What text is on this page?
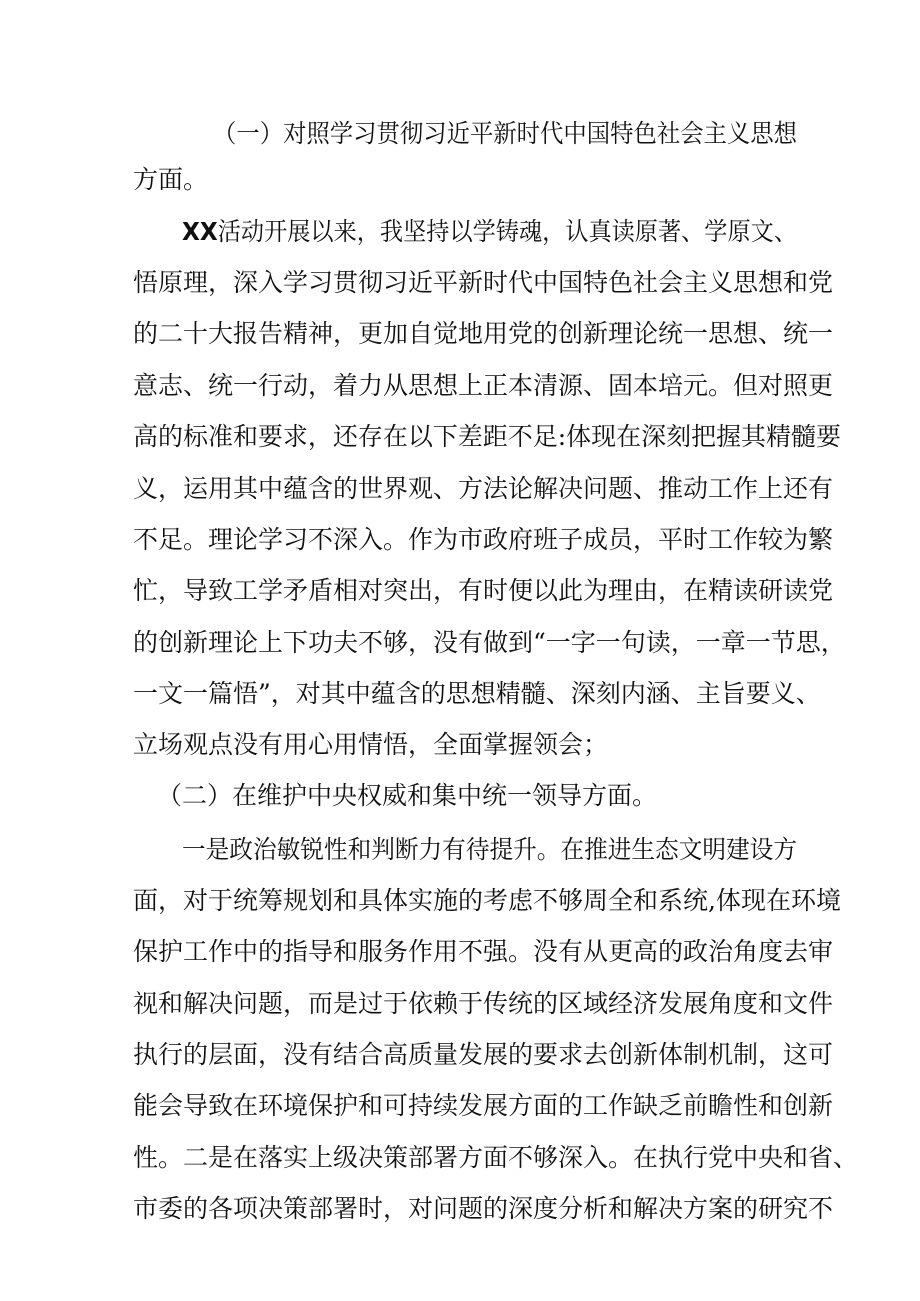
（一）对照学习贯彻习近平新时代中国特色社会主义思想
方面。
XX活动开展以来，我坚持以学铸魂，认真读原著、学原文、
悟原理，深入学习贯彻习近平新时代中国特色社会主义思想和党
的二十大报告精神，更加自觉地用党的创新理论统一思想、统一
意志、统一行动，着力从思想上正本清源、固本培元。但对照更
高的标准和要求，还存在以下差距不足:体现在深刻把握其精髓要
义，运用其中蕴含的世界观、方法论解决问题、推动工作上还有
不足。理论学习不深入。作为市政府班子成员，平时工作较为繁
忙，导致工学矛盾相对突出，有时便以此为理由，在精读研读党
的创新理论上下功夫不够，没有做到“一字一句读，一章一节思，
一文一篇悟”，对其中蕴含的思想精髓、深刻内涵、主旨要义、
立场观点没有用心用情悟，全面掌握领会；
（二）在维护中央权威和集中统一领导方面。
一是政治敏锐性和判断力有待提升。在推进生态文明建设方
面，对于统筹规划和具体实施的考虑不够周全和系统,体现在环境
保护工作中的指导和服务作用不强。没有从更高的政治角度去审
视和解决问题，而是过于依赖于传统的区域经济发展角度和文件
执行的层面，没有结合高质量发展的要求去创新体制机制，这可
能会导致在环境保护和可持续发展方面的工作缺乏前瞻性和创新
性。二是在落实上级决策部署方面不够深入。在执行党中央和省、
市委的各项决策部署时，对问题的深度分析和解决方案的研究不
